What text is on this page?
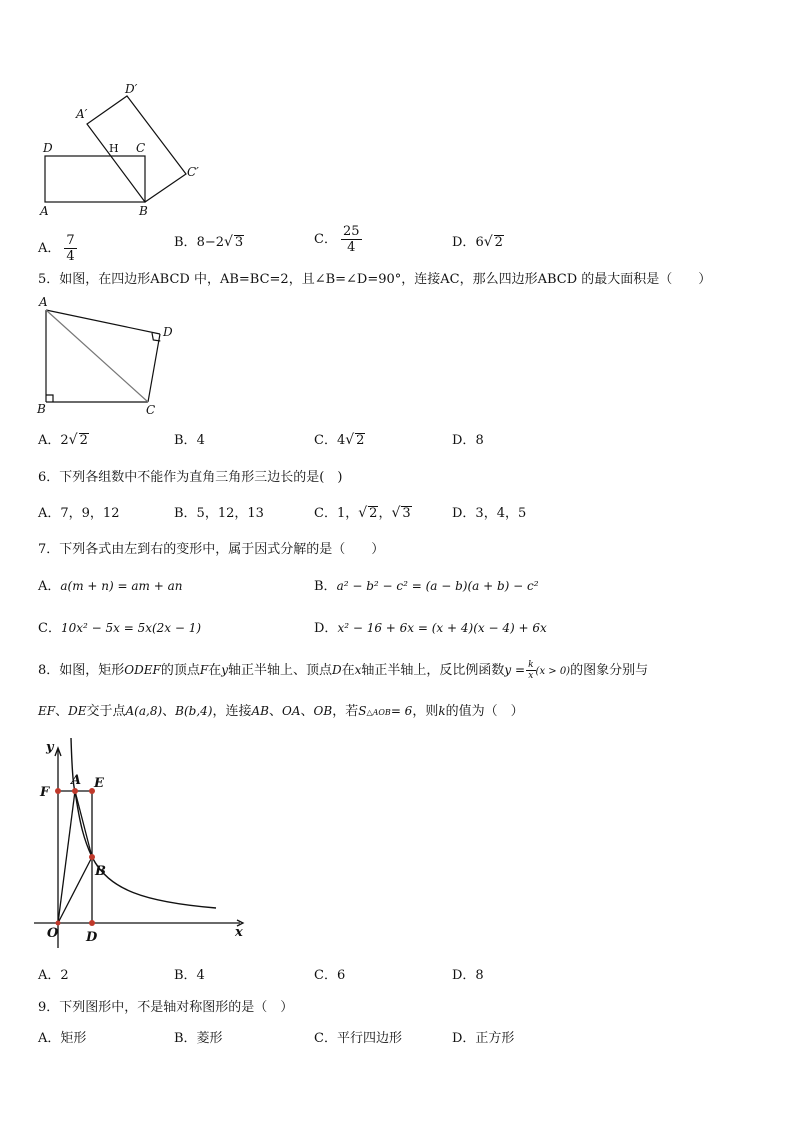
D′
A′
D	H C
C′
A	B
A． $\frac{7}{4}$	B．8−2√ 3	C． $\frac{25}{4}$	D．6√ 2
5．如图，在四边形ABCD 中，AB=BC=2，且∠B=∠D=90°，连接AC，那么四边形ABCD 的最大面积是（　　）
A
B	C
D
A．2√ 2	B．4	C．4√ 2	D．8
6．下列各组数中不能作为直角三角形三边长的是(　)
A．7，9，12	B．5，12，13	C．1，√ 2，√ 3	D．3，4，5
7．下列各式由左到右的变形中，属于因式分解的是（　　）
A．a(m + n) = am + an	B．a² − b² − c² = (a − b)(a + b) − c²
C．10x² − 5x = 5x(2x − 1)	D．x² − 16 + 6x = (x + 4)(x − 4) + 6x
8．如图，矩形ODEF的顶点F在y轴正半轴上、顶点D在x轴正半轴上，反比例函数$y = \frac{k}{x} (x > 0)$的图象分别与
EF、DE交于点A(a,8)、B(b,4)，连接AB、OA、OB，若S△AOB= 6，则k的值为（　）
y
x
O D
F
A E
B
A．2	B．4	C．6	D．8
9．下列图形中，不是轴对称图形的是（　）
A．矩形	B．菱形	C．平行四边形	D．正方形
